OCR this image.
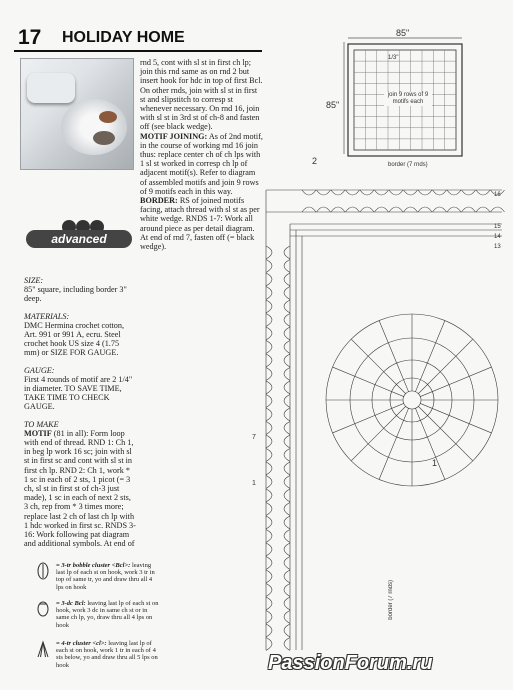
17 HOLIDAY HOME
advanced

SIZE:

85" square, including border 3" deep.

MATERIALS:

DMC Hermina crochet cotton, Art. 991 or 991 A, ecru. Steel crochet hook US size 4 (1.75 mm) or SIZE FOR GAUGE.

GAUGE:

First 4 rounds of motif are 2 1/4" in diameter. TO SAVE TIME, TAKE TIME TO CHECK GAUGE.

TO MAKE

MOTIF (81 in all): Form loop with end of thread. RND 1: Ch 1, in beg lp work 16 sc; join with sl st in first sc and cont with sl st in first ch lp. RND 2: Ch 1, work * 1 sc in each of 2 sts, 1 picot (= 3 ch, sl st in first st of ch-3 just made), 1 sc in each of next 2 sts, 3 ch, rep from * 3 times more; replace last 2 ch of last ch lp with 1 hdc worked in first sc. RNDS 3-16: Work following pat diagram and additional symbols. At end of

rnd 5, cont with sl st in first ch lp; join this rnd same as on rnd 2 but insert hook for hdc in top of first Bcl. On other rnds, join with sl st in first st and slipstitch to corresp st whenever necessary. On rnd 16, join with sl st in 3rd st of ch-8 and fasten off (see black wedge).

MOTIF JOINING: As of 2nd motif, in the course of working rnd 16 join thus: replace center ch of ch lps with 1 sl st worked in corresp ch lp of adjacent motif(s). Refer to diagram of assembled motifs and join 9 rows of 9 motifs each in this way.

BORDER: RS of joined motifs facing, attach thread with sl st as per white wedge. RNDS 1-7: Work all around piece as per detail diagram. At end of rnd 7, fasten off (= black wedge).

= 3-tr bobble cluster <Bcl>: leaving last lp of each st on hook, work 3 tr in top of same tr, yo and draw thru all 4 lps on hook
= 3-dc Bcl: leaving last lp of each st on hook, work 3 dc in same ch st or in same ch lp, yo, draw thru all 4 lps on hook
= 4-tr cluster <cl>: leaving last lp of each st on hook, work 1 tr in each of 4 sts below, yo and draw thru all 5 lps on hook
85"
85"
1/3"
join 9 rows of 9 motifs each
border (7 rnds)
2
1
16
15
14
13
7
1
border (7 rnds)
PassionForum.ru
